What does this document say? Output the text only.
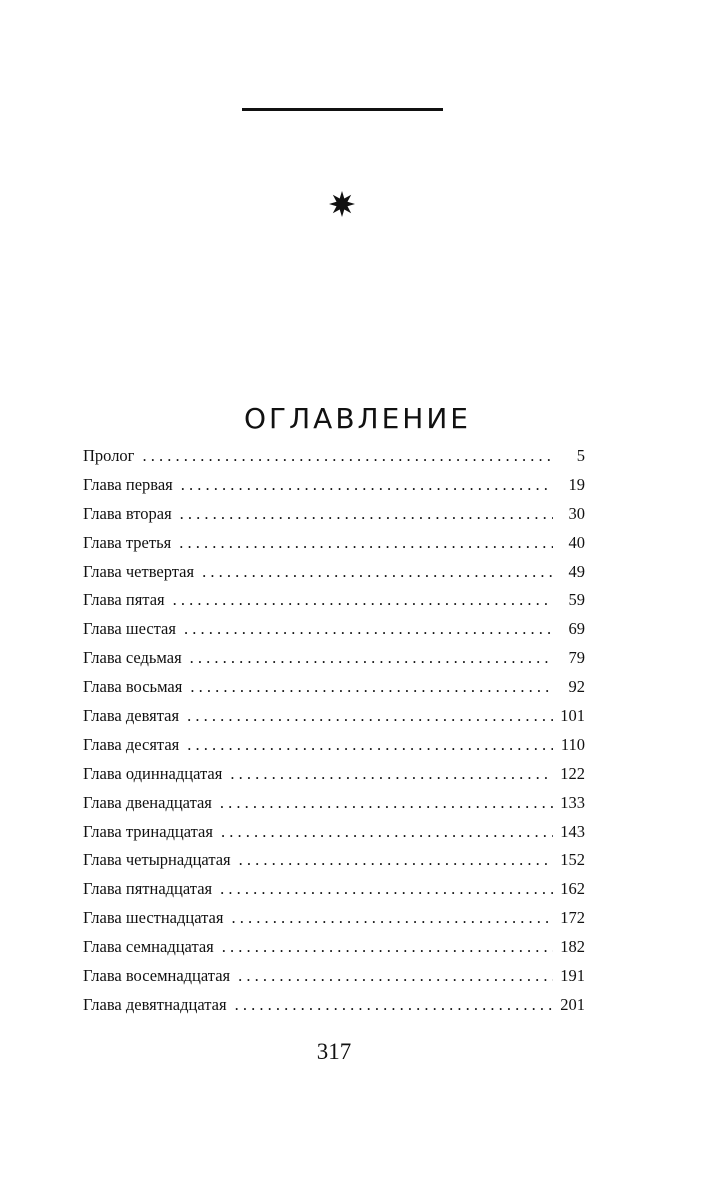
ОГЛАВЛЕНИЕ
Пролог . . .	5
Глава первая . . .	19
Глава вторая . . .	30
Глава третья . . .	40
Глава четвертая . . .	49
Глава пятая . . .	59
Глава шестая . . .	69
Глава седьмая . . .	79
Глава восьмая . . .	92
Глава девятая . . .	101
Глава десятая . . .	110
Глава одиннадцатая . . .	122
Глава двенадцатая . . .	133
Глава тринадцатая . . .	143
Глава четырнадцатая . . .	152
Глава пятнадцатая . . .	162
Глава шестнадцатая . . .	172
Глава семнадцатая . . .	182
Глава восемнадцатая . . .	191
Глава девятнадцатая . . .	201
317
